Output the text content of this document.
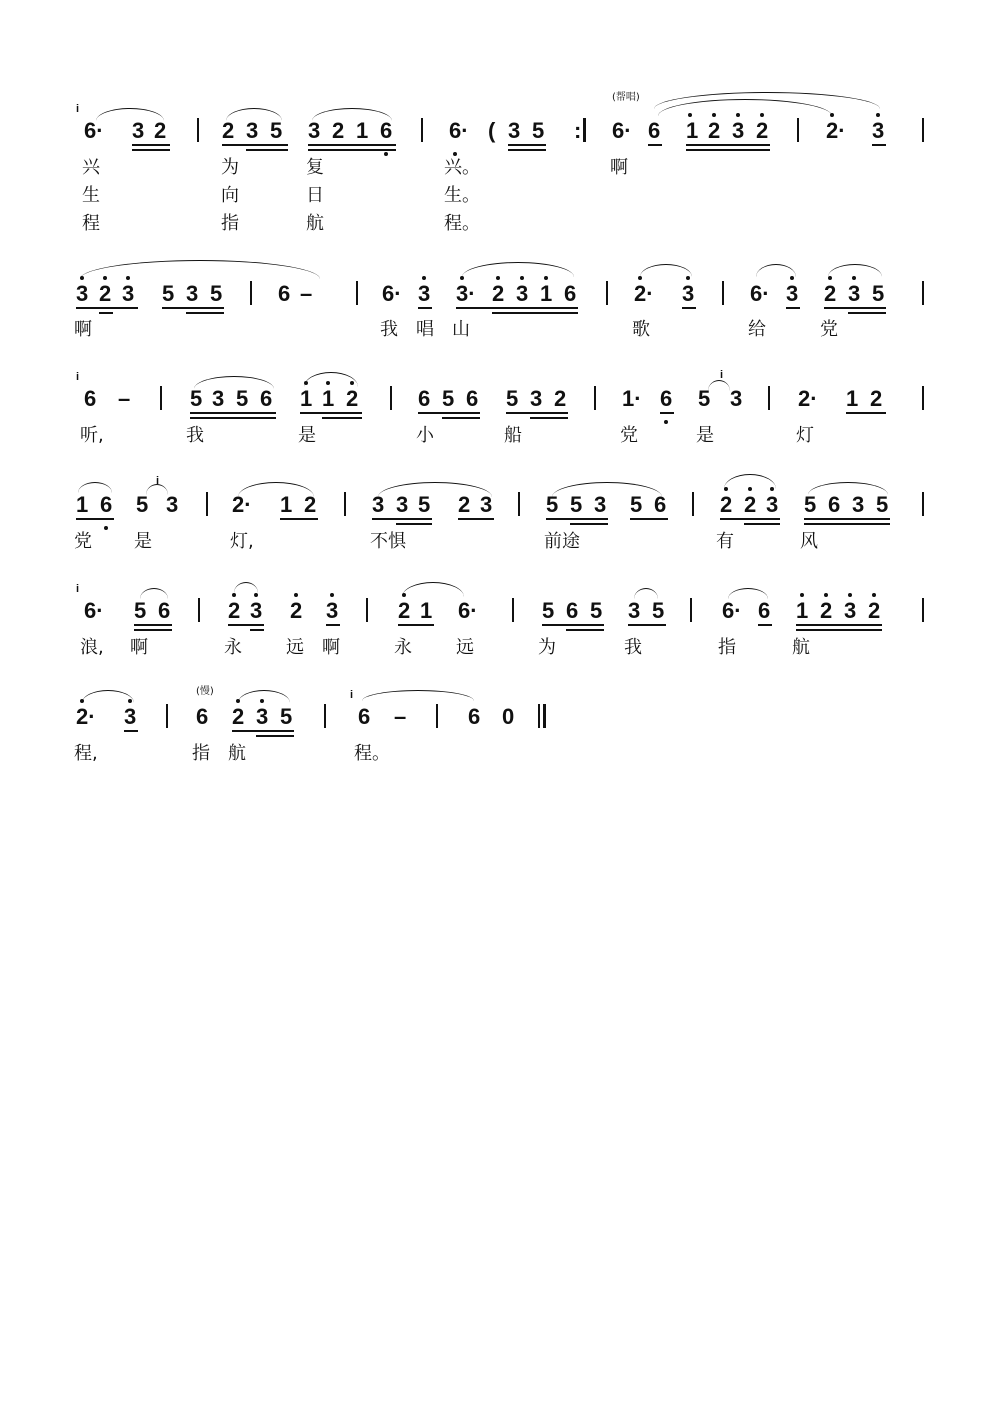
6· 3 2	2 3 5 3 2 1 6	6· ( 3 5 : 6· 6 1 2 3 2	2· 3
i
(帮唱)
兴	为	复	兴。	啊
生	向	日	生。
程	指	航	程。
3 2 3 5 3 5	6 –	6· 3 3· 2 3 1 6	2· 3	6· 3 2 3 5
啊	我 唱 山	歌	给	党
6 –	5 3 5 6 1 1 2	6 5 6 5 3 2	1· 6 5 3	2· 1 2
i	i
听,	我	是	小	船	党	是	灯
1 6 5 3 2· 1 2	3 3 5 2 3 5 5 3 5 6 2 2 3 5 6 3 5
i
党 是	灯,	不惧	前途	有	风
6· 5 6	2 3 2 3	2 1 6·	5 6 5 3 5	6· 6 1 2 3 2
i
浪, 啊	永 远 啊	永 远	为	我	指	航
2· 3	6 2 3 5	6 –	6 0
i
(慢)
程,	指 航	程。
